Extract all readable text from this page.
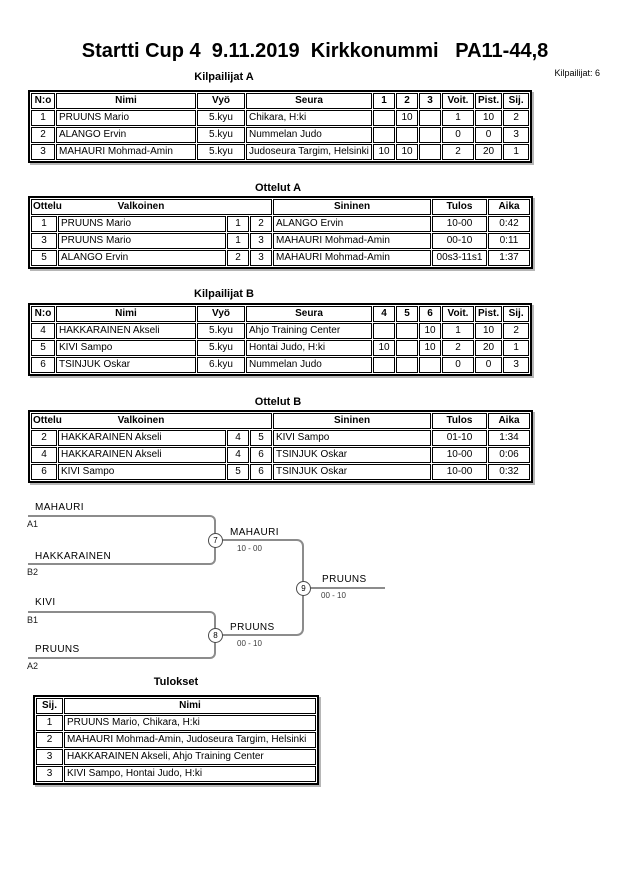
Startti Cup 4  9.11.2019  Kirkkonummi   PA11-44,8
Kilpailijat A	Kilpailijat: 6
N:o	Nimi	Vyö	Seura	1	2	3	Voit.	Pist.	Sij.
1	PRUUNS Mario	5.kyu	Chikara, H:ki		10		1	10	2
2	ALANGO Ervin	5.kyu	Nummelan Judo				0	0	3
3	MAHAURI Mohmad-Amin	5.kyu	Judoseura Targim, Helsinki	10	10		2	20	1
Ottelut A
Ottelu Valkoinen				Sininen	Tulos	Aika
1	PRUUNS Mario	1	2	ALANGO Ervin	10-00	0:42
3	PRUUNS Mario	1	3	MAHAURI Mohmad-Amin	00-10	0:11
5	ALANGO Ervin	2	3	MAHAURI Mohmad-Amin	00s3-11s1	1:37
Kilpailijat B
N:o	Nimi	Vyö	Seura	4	5	6	Voit.	Pist.	Sij.
4	HAKKARAINEN Akseli	5.kyu	Ahjo Training Center			10	1	10	2
5	KIVI Sampo	5.kyu	Hontai Judo, H:ki	10		10	2	20	1
6	TSINJUK Oskar	6.kyu	Nummelan Judo				0	0	3
Ottelut B
Ottelu Valkoinen				Sininen	Tulos	Aika
2	HAKKARAINEN Akseli	4	5	KIVI Sampo	01-10	1:34
4	HAKKARAINEN Akseli	4	6	TSINJUK Oskar	10-00	0:06
6	KIVI Sampo	5	6	TSINJUK Oskar	10-00	0:32
MAHAURI
A1
HAKKARAINEN
B2
KIVI
B1
PRUUNS
A2
7
MAHAURI
10 - 00
8
PRUUNS
00 - 10
9
PRUUNS
00 - 10
Tulokset
Sij.	Nimi
1	PRUUNS Mario, Chikara, H:ki
2	MAHAURI Mohmad-Amin, Judoseura Targim, Helsinki
3	HAKKARAINEN Akseli, Ahjo Training Center
3	KIVI Sampo, Hontai Judo, H:ki
